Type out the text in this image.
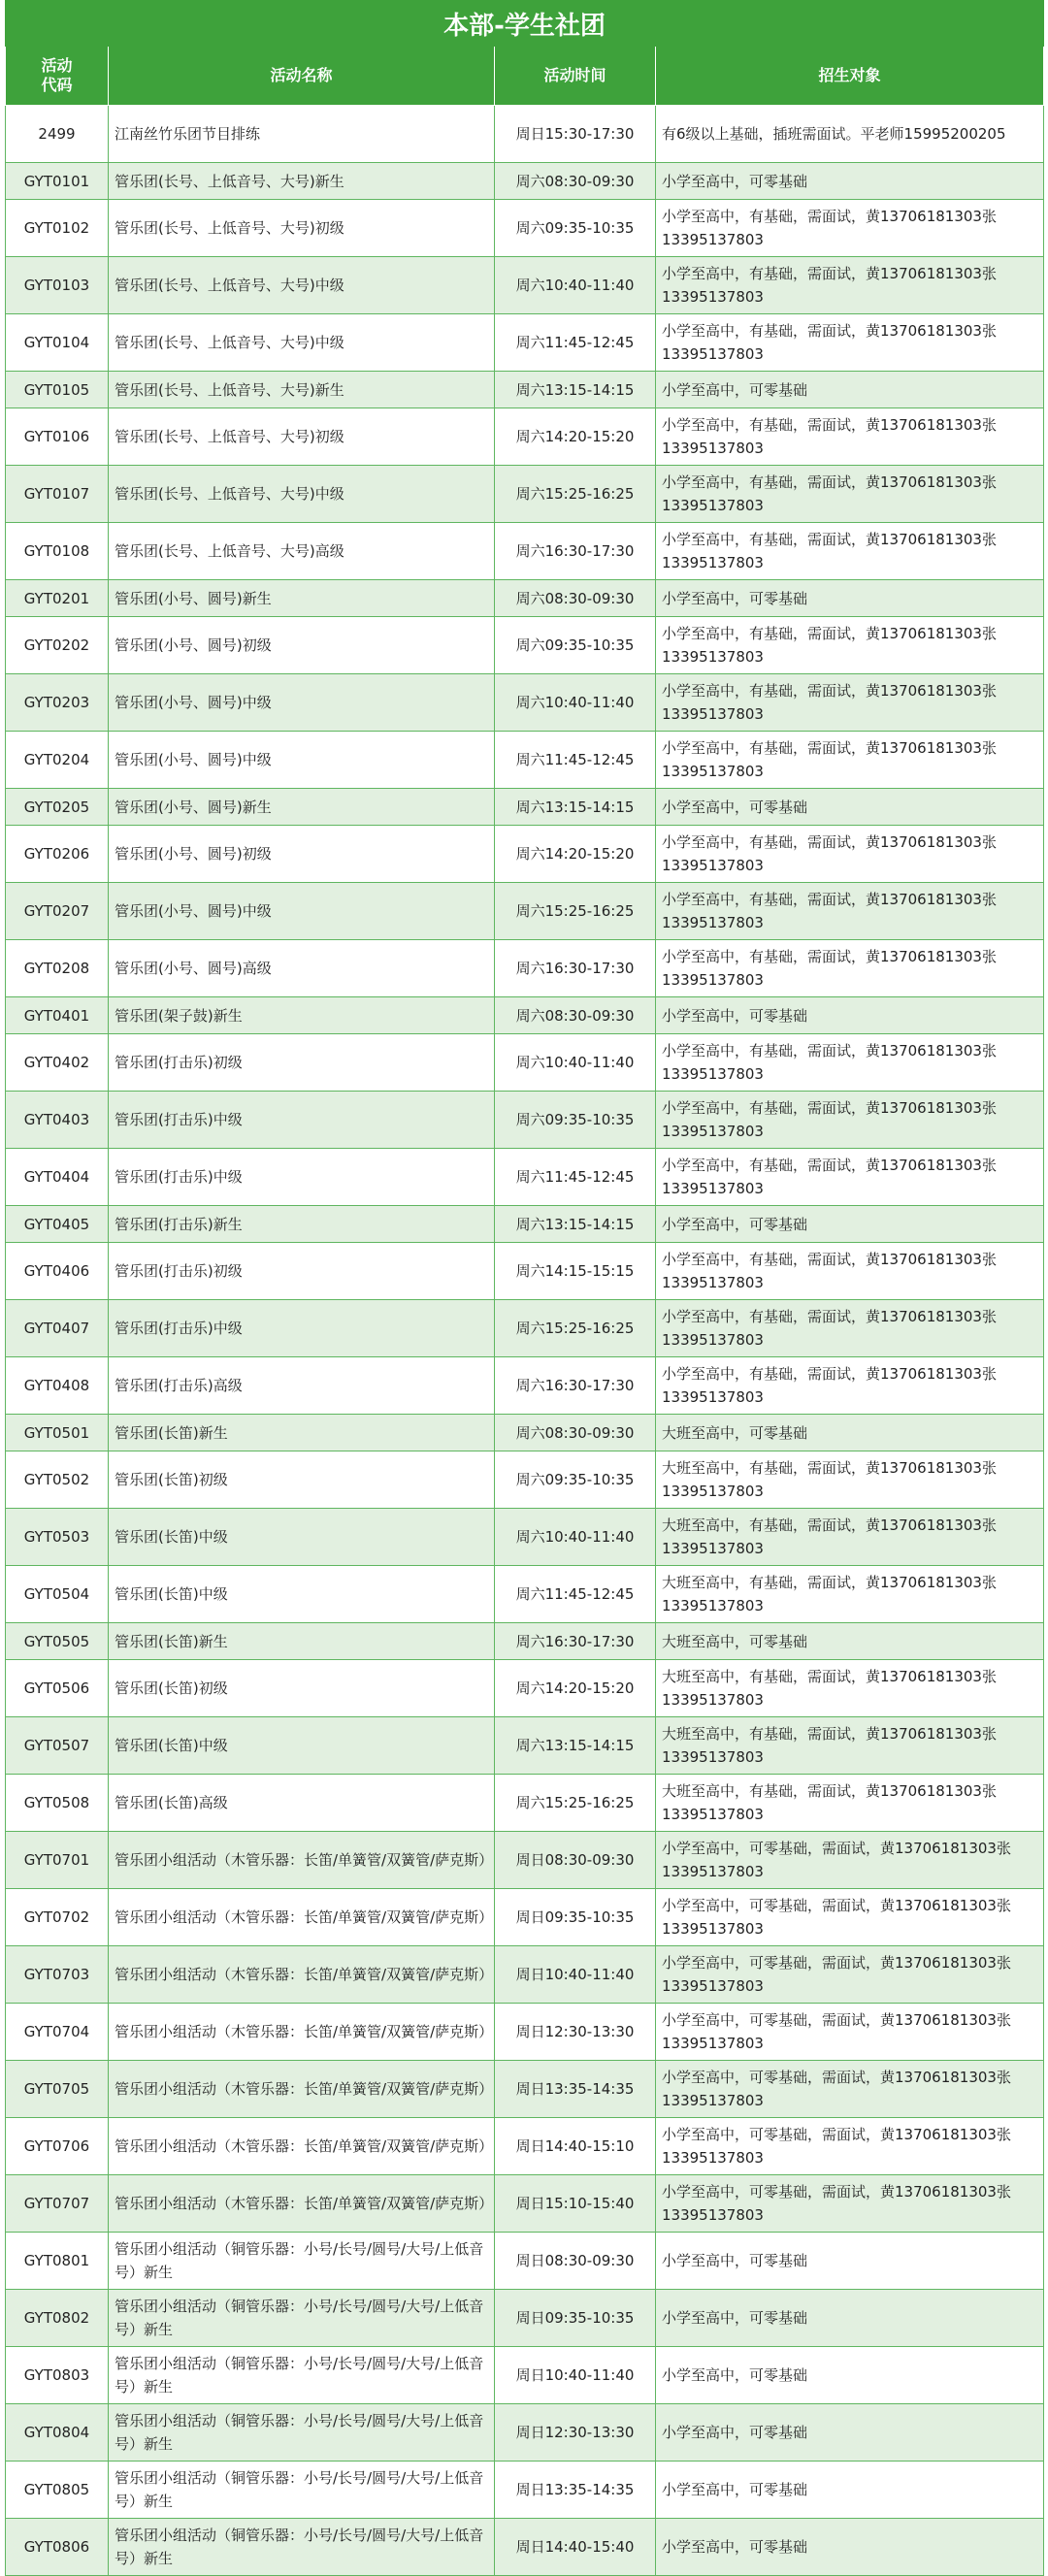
本部-学生社团			
活动
代码	活动名称	活动时间	招生对象
2499	江南丝竹乐团节目排练	周日15:30-17:30	有6级以上基础，插班需面试。平老师15995200205
GYT0101	管乐团(长号、上低音号、大号)新生	周六08:30-09:30	小学至高中，可零基础
GYT0102	管乐团(长号、上低音号、大号)初级	周六09:35-10:35	小学至高中，有基础，需面试，黄13706181303张13395137803
GYT0103	管乐团(长号、上低音号、大号)中级	周六10:40-11:40	小学至高中，有基础，需面试，黄13706181303张13395137803
GYT0104	管乐团(长号、上低音号、大号)中级	周六11:45-12:45	小学至高中，有基础，需面试，黄13706181303张13395137803
GYT0105	管乐团(长号、上低音号、大号)新生	周六13:15-14:15	小学至高中，可零基础
GYT0106	管乐团(长号、上低音号、大号)初级	周六14:20-15:20	小学至高中，有基础，需面试，黄13706181303张13395137803
GYT0107	管乐团(长号、上低音号、大号)中级	周六15:25-16:25	小学至高中，有基础，需面试，黄13706181303张13395137803
GYT0108	管乐团(长号、上低音号、大号)高级	周六16:30-17:30	小学至高中，有基础，需面试，黄13706181303张13395137803
GYT0201	管乐团(小号、圆号)新生	周六08:30-09:30	小学至高中，可零基础
GYT0202	管乐团(小号、圆号)初级	周六09:35-10:35	小学至高中，有基础，需面试，黄13706181303张13395137803
GYT0203	管乐团(小号、圆号)中级	周六10:40-11:40	小学至高中，有基础，需面试，黄13706181303张13395137803
GYT0204	管乐团(小号、圆号)中级	周六11:45-12:45	小学至高中，有基础，需面试，黄13706181303张13395137803
GYT0205	管乐团(小号、圆号)新生	周六13:15-14:15	小学至高中，可零基础
GYT0206	管乐团(小号、圆号)初级	周六14:20-15:20	小学至高中，有基础，需面试，黄13706181303张13395137803
GYT0207	管乐团(小号、圆号)中级	周六15:25-16:25	小学至高中，有基础，需面试，黄13706181303张13395137803
GYT0208	管乐团(小号、圆号)高级	周六16:30-17:30	小学至高中，有基础，需面试，黄13706181303张13395137803
GYT0401	管乐团(架子鼓)新生	周六08:30-09:30	小学至高中，可零基础
GYT0402	管乐团(打击乐)初级	周六10:40-11:40	小学至高中，有基础，需面试，黄13706181303张13395137803
GYT0403	管乐团(打击乐)中级	周六09:35-10:35	小学至高中，有基础，需面试，黄13706181303张13395137803
GYT0404	管乐团(打击乐)中级	周六11:45-12:45	小学至高中，有基础，需面试，黄13706181303张13395137803
GYT0405	管乐团(打击乐)新生	周六13:15-14:15	小学至高中，可零基础
GYT0406	管乐团(打击乐)初级	周六14:15-15:15	小学至高中，有基础，需面试，黄13706181303张13395137803
GYT0407	管乐团(打击乐)中级	周六15:25-16:25	小学至高中，有基础，需面试，黄13706181303张13395137803
GYT0408	管乐团(打击乐)高级	周六16:30-17:30	小学至高中，有基础，需面试，黄13706181303张13395137803
GYT0501	管乐团(长笛)新生	周六08:30-09:30	大班至高中，可零基础
GYT0502	管乐团(长笛)初级	周六09:35-10:35	大班至高中，有基础，需面试，黄13706181303张13395137803
GYT0503	管乐团(长笛)中级	周六10:40-11:40	大班至高中，有基础，需面试，黄13706181303张13395137803
GYT0504	管乐团(长笛)中级	周六11:45-12:45	大班至高中，有基础，需面试，黄13706181303张13395137803
GYT0505	管乐团(长笛)新生	周六16:30-17:30	大班至高中，可零基础
GYT0506	管乐团(长笛)初级	周六14:20-15:20	大班至高中，有基础，需面试，黄13706181303张13395137803
GYT0507	管乐团(长笛)中级	周六13:15-14:15	大班至高中，有基础，需面试，黄13706181303张13395137803
GYT0508	管乐团(长笛)高级	周六15:25-16:25	大班至高中，有基础，需面试，黄13706181303张13395137803
GYT0701	管乐团小组活动（木管乐器：长笛/单簧管/双簧管/萨克斯）	周日08:30-09:30	小学至高中，可零基础，需面试，黄13706181303张13395137803
GYT0702	管乐团小组活动（木管乐器：长笛/单簧管/双簧管/萨克斯）	周日09:35-10:35	小学至高中，可零基础，需面试，黄13706181303张13395137803
GYT0703	管乐团小组活动（木管乐器：长笛/单簧管/双簧管/萨克斯）	周日10:40-11:40	小学至高中，可零基础，需面试，黄13706181303张13395137803
GYT0704	管乐团小组活动（木管乐器：长笛/单簧管/双簧管/萨克斯）	周日12:30-13:30	小学至高中，可零基础，需面试，黄13706181303张13395137803
GYT0705	管乐团小组活动（木管乐器：长笛/单簧管/双簧管/萨克斯）	周日13:35-14:35	小学至高中，可零基础，需面试，黄13706181303张13395137803
GYT0706	管乐团小组活动（木管乐器：长笛/单簧管/双簧管/萨克斯）	周日14:40-15:10	小学至高中，可零基础，需面试，黄13706181303张13395137803
GYT0707	管乐团小组活动（木管乐器：长笛/单簧管/双簧管/萨克斯）	周日15:10-15:40	小学至高中，可零基础，需面试，黄13706181303张13395137803
GYT0801	管乐团小组活动（铜管乐器：小号/长号/圆号/大号/上低音号）新生	周日08:30-09:30	小学至高中，可零基础
GYT0802	管乐团小组活动（铜管乐器：小号/长号/圆号/大号/上低音号）新生	周日09:35-10:35	小学至高中，可零基础
GYT0803	管乐团小组活动（铜管乐器：小号/长号/圆号/大号/上低音号）新生	周日10:40-11:40	小学至高中，可零基础
GYT0804	管乐团小组活动（铜管乐器：小号/长号/圆号/大号/上低音号）新生	周日12:30-13:30	小学至高中，可零基础
GYT0805	管乐团小组活动（铜管乐器：小号/长号/圆号/大号/上低音号）新生	周日13:35-14:35	小学至高中，可零基础
GYT0806	管乐团小组活动（铜管乐器：小号/长号/圆号/大号/上低音号）新生	周日14:40-15:40	小学至高中，可零基础
